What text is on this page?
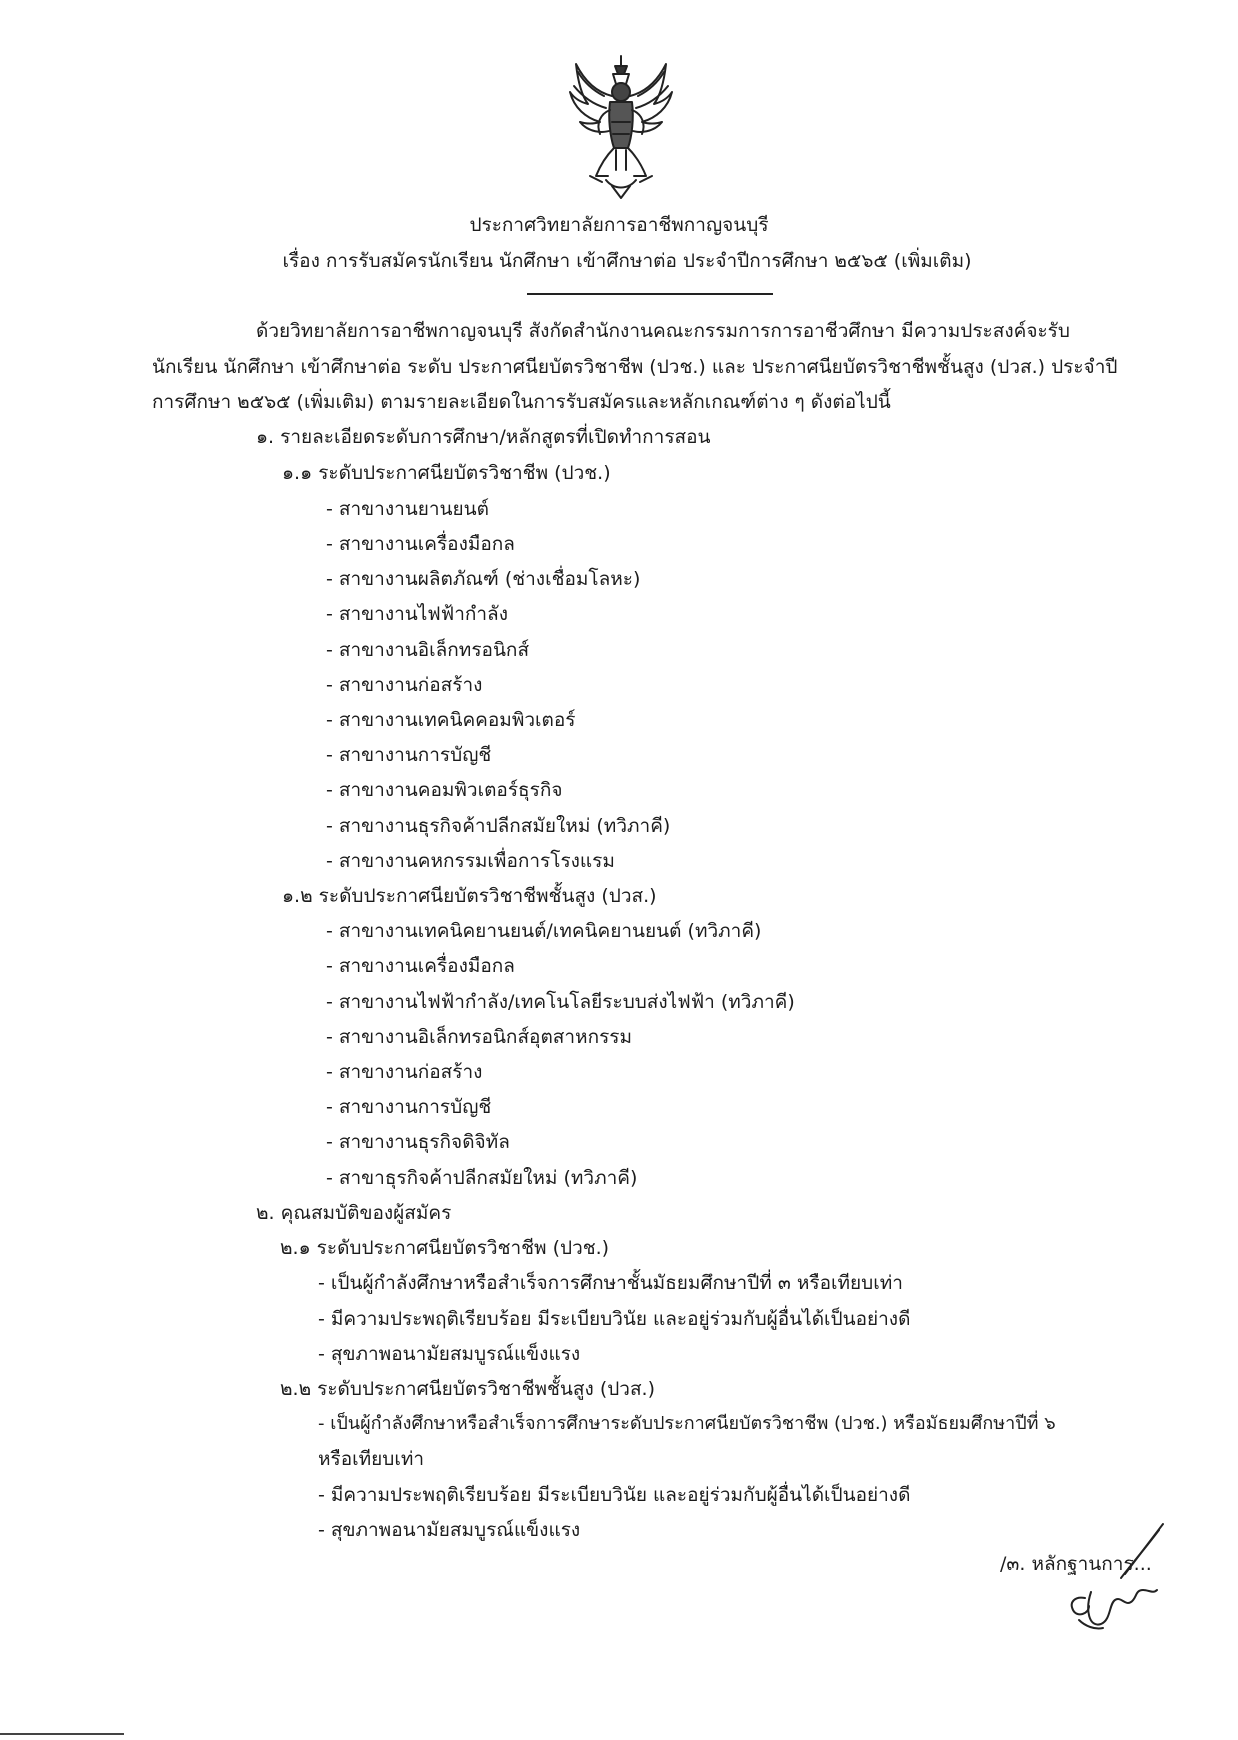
ประกาศวิทยาลัยการอาชีพกาญจนบุรี
เรื่อง การรับสมัครนักเรียน นักศึกษา เข้าศึกษาต่อ ประจำปีการศึกษา ๒๕๖๕ (เพิ่มเติม)
ด้วยวิทยาลัยการอาชีพกาญจนบุรี สังกัดสำนักงานคณะกรรมการการอาชีวศึกษา มีความประสงค์จะรับ
นักเรียน นักศึกษา เข้าศึกษาต่อ ระดับ ประกาศนียบัตรวิชาชีพ (ปวช.) และ ประกาศนียบัตรวิชาชีพชั้นสูง (ปวส.) ประจำปี
การศึกษา ๒๕๖๕ (เพิ่มเติม) ตามรายละเอียดในการรับสมัครและหลักเกณฑ์ต่าง ๆ ดังต่อไปนี้
๑. รายละเอียดระดับการศึกษา/หลักสูตรที่เปิดทำการสอน
๑.๑ ระดับประกาศนียบัตรวิชาชีพ (ปวช.)
- สาขางานยานยนต์
- สาขางานเครื่องมือกล
- สาขางานผลิตภัณฑ์ (ช่างเชื่อมโลหะ)
- สาขางานไฟฟ้ากำลัง
- สาขางานอิเล็กทรอนิกส์
- สาขางานก่อสร้าง
- สาขางานเทคนิคคอมพิวเตอร์
- สาขางานการบัญชี
- สาขางานคอมพิวเตอร์ธุรกิจ
- สาขางานธุรกิจค้าปลีกสมัยใหม่ (ทวิภาคี)
- สาขางานคหกรรมเพื่อการโรงแรม
๑.๒ ระดับประกาศนียบัตรวิชาชีพชั้นสูง (ปวส.)
- สาขางานเทคนิคยานยนต์/เทคนิคยานยนต์ (ทวิภาคี)
- สาขางานเครื่องมือกล
- สาขางานไฟฟ้ากำลัง/เทคโนโลยีระบบส่งไฟฟ้า (ทวิภาคี)
- สาขางานอิเล็กทรอนิกส์อุตสาหกรรม
- สาขางานก่อสร้าง
- สาขางานการบัญชี
- สาขางานธุรกิจดิจิทัล
- สาขาธุรกิจค้าปลีกสมัยใหม่ (ทวิภาคี)
๒. คุณสมบัติของผู้สมัคร
๒.๑ ระดับประกาศนียบัตรวิชาชีพ (ปวช.)
- เป็นผู้กำลังศึกษาหรือสำเร็จการศึกษาชั้นมัธยมศึกษาปีที่ ๓ หรือเทียบเท่า
- มีความประพฤติเรียบร้อย มีระเบียบวินัย และอยู่ร่วมกับผู้อื่นได้เป็นอย่างดี
- สุขภาพอนามัยสมบูรณ์แข็งแรง
๒.๒ ระดับประกาศนียบัตรวิชาชีพชั้นสูง (ปวส.)
- เป็นผู้กำลังศึกษาหรือสำเร็จการศึกษาระดับประกาศนียบัตรวิชาชีพ (ปวช.) หรือมัธยมศึกษาปีที่ ๖
หรือเทียบเท่า
- มีความประพฤติเรียบร้อย มีระเบียบวินัย และอยู่ร่วมกับผู้อื่นได้เป็นอย่างดี
- สุขภาพอนามัยสมบูรณ์แข็งแรง
/๓. หลักฐานการ...
